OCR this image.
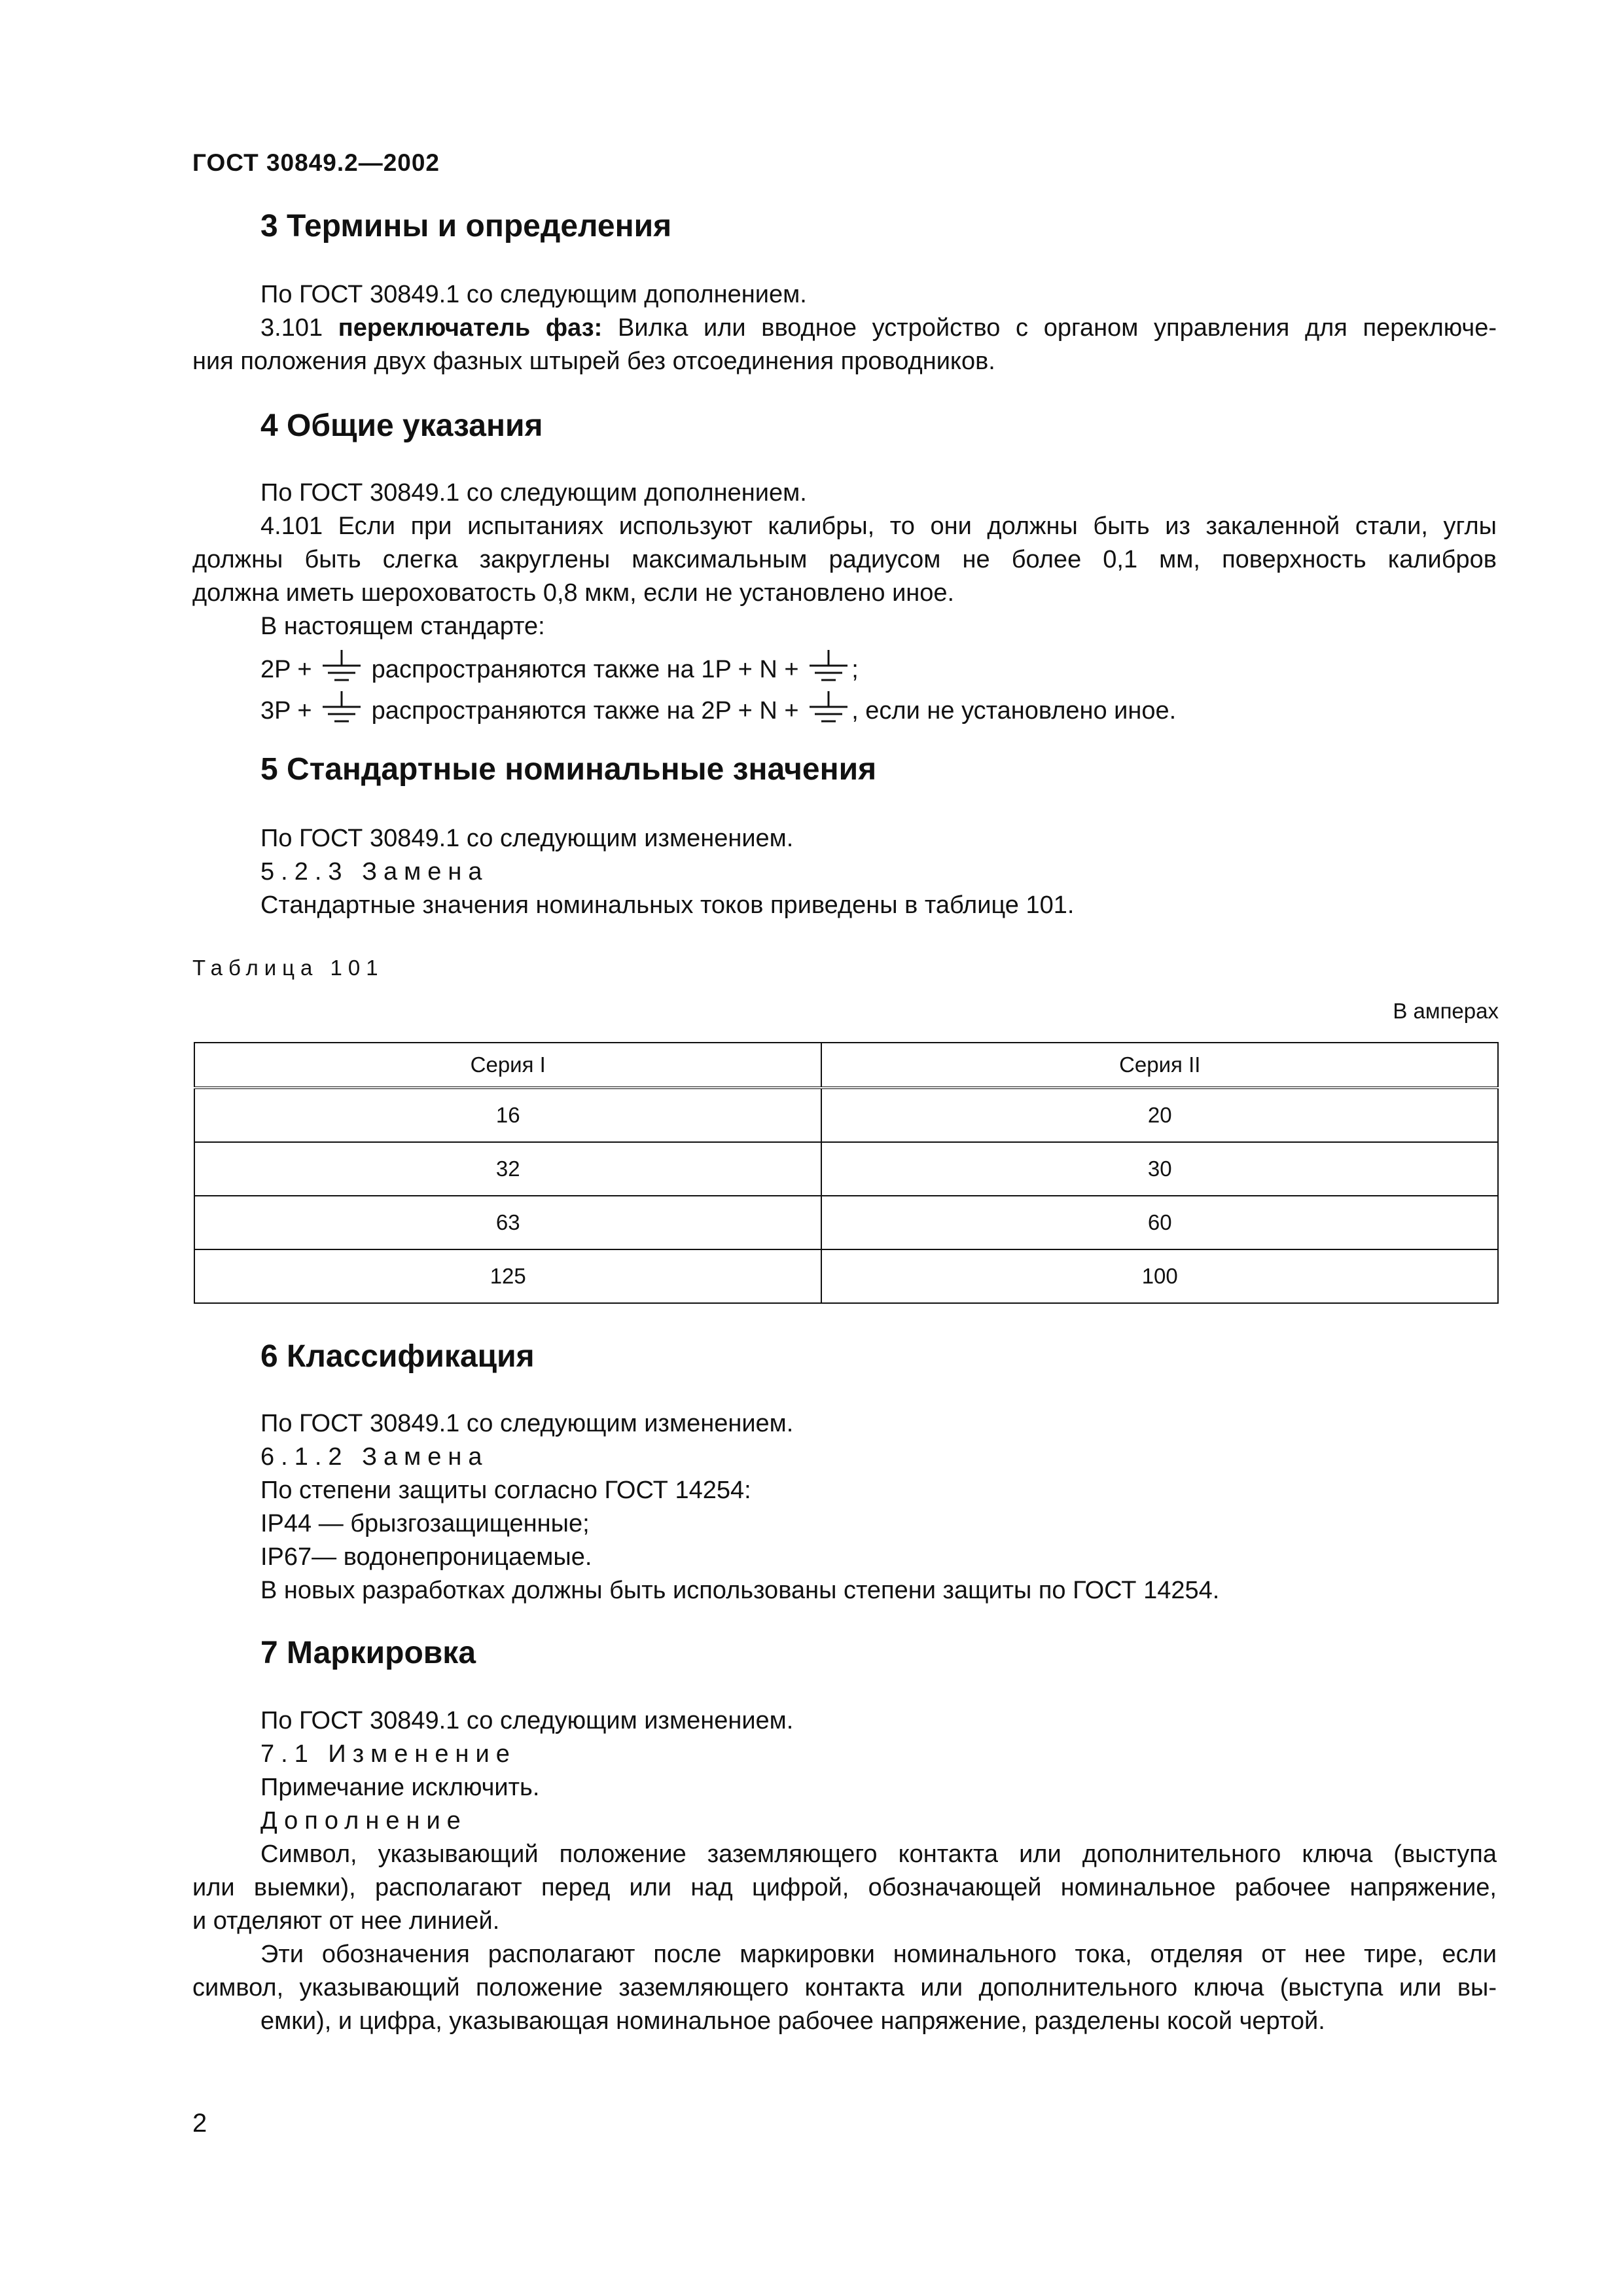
ГОСТ 30849.2—2002
3 Термины и определения
По ГОСТ 30849.1 со следующим дополнением.
3.101 переключатель фаз: Вилка или вводное устройство с органом управления для переключе-
ния положения двух фазных штырей без отсоединения проводников.
4 Общие указания
По ГОСТ 30849.1 со следующим дополнением.
4.101 Если при испытаниях используют калибры, то они должны быть из закаленной стали, углы
должны быть слегка закруглены максимальным радиусом не более 0,1 мм, поверхность калибров
должна иметь шероховатость 0,8 мкм, если не установлено иное.
В настоящем стандарте:
2P + распространяются также на 1P + N + ;
3P + распространяются также на 2P + N + , если не установлено иное.
5 Стандартные номинальные значения
По ГОСТ 30849.1 со следующим изменением.
5.2.3 Замена
Стандартные значения номинальных токов приведены в таблице 101.
Таблица 101
В амперах
Серия I	Серия II
16	20
32	30
63	60
125	100
6 Классификация
По ГОСТ 30849.1 со следующим изменением.
6.1.2 Замена
По степени защиты согласно ГОСТ 14254:
IP44 — брызгозащищенные;
IP67— водонепроницаемые.
В новых разработках должны быть использованы степени защиты по ГОСТ 14254.
7 Маркировка
По ГОСТ 30849.1 со следующим изменением.
7.1 Изменение
Примечание исключить.
Дополнение
Символ, указывающий положение заземляющего контакта или дополнительного ключа (выступа
или выемки), располагают перед или над цифрой, обозначающей номинальное рабочее напряжение,
и отделяют от нее линией.
Эти обозначения располагают после маркировки номинального тока, отделяя от нее тире, если
символ, указывающий положение заземляющего контакта или дополнительного ключа (выступа или вы-
емки), и цифра, указывающая номинальное рабочее напряжение, разделены косой чертой.
2
